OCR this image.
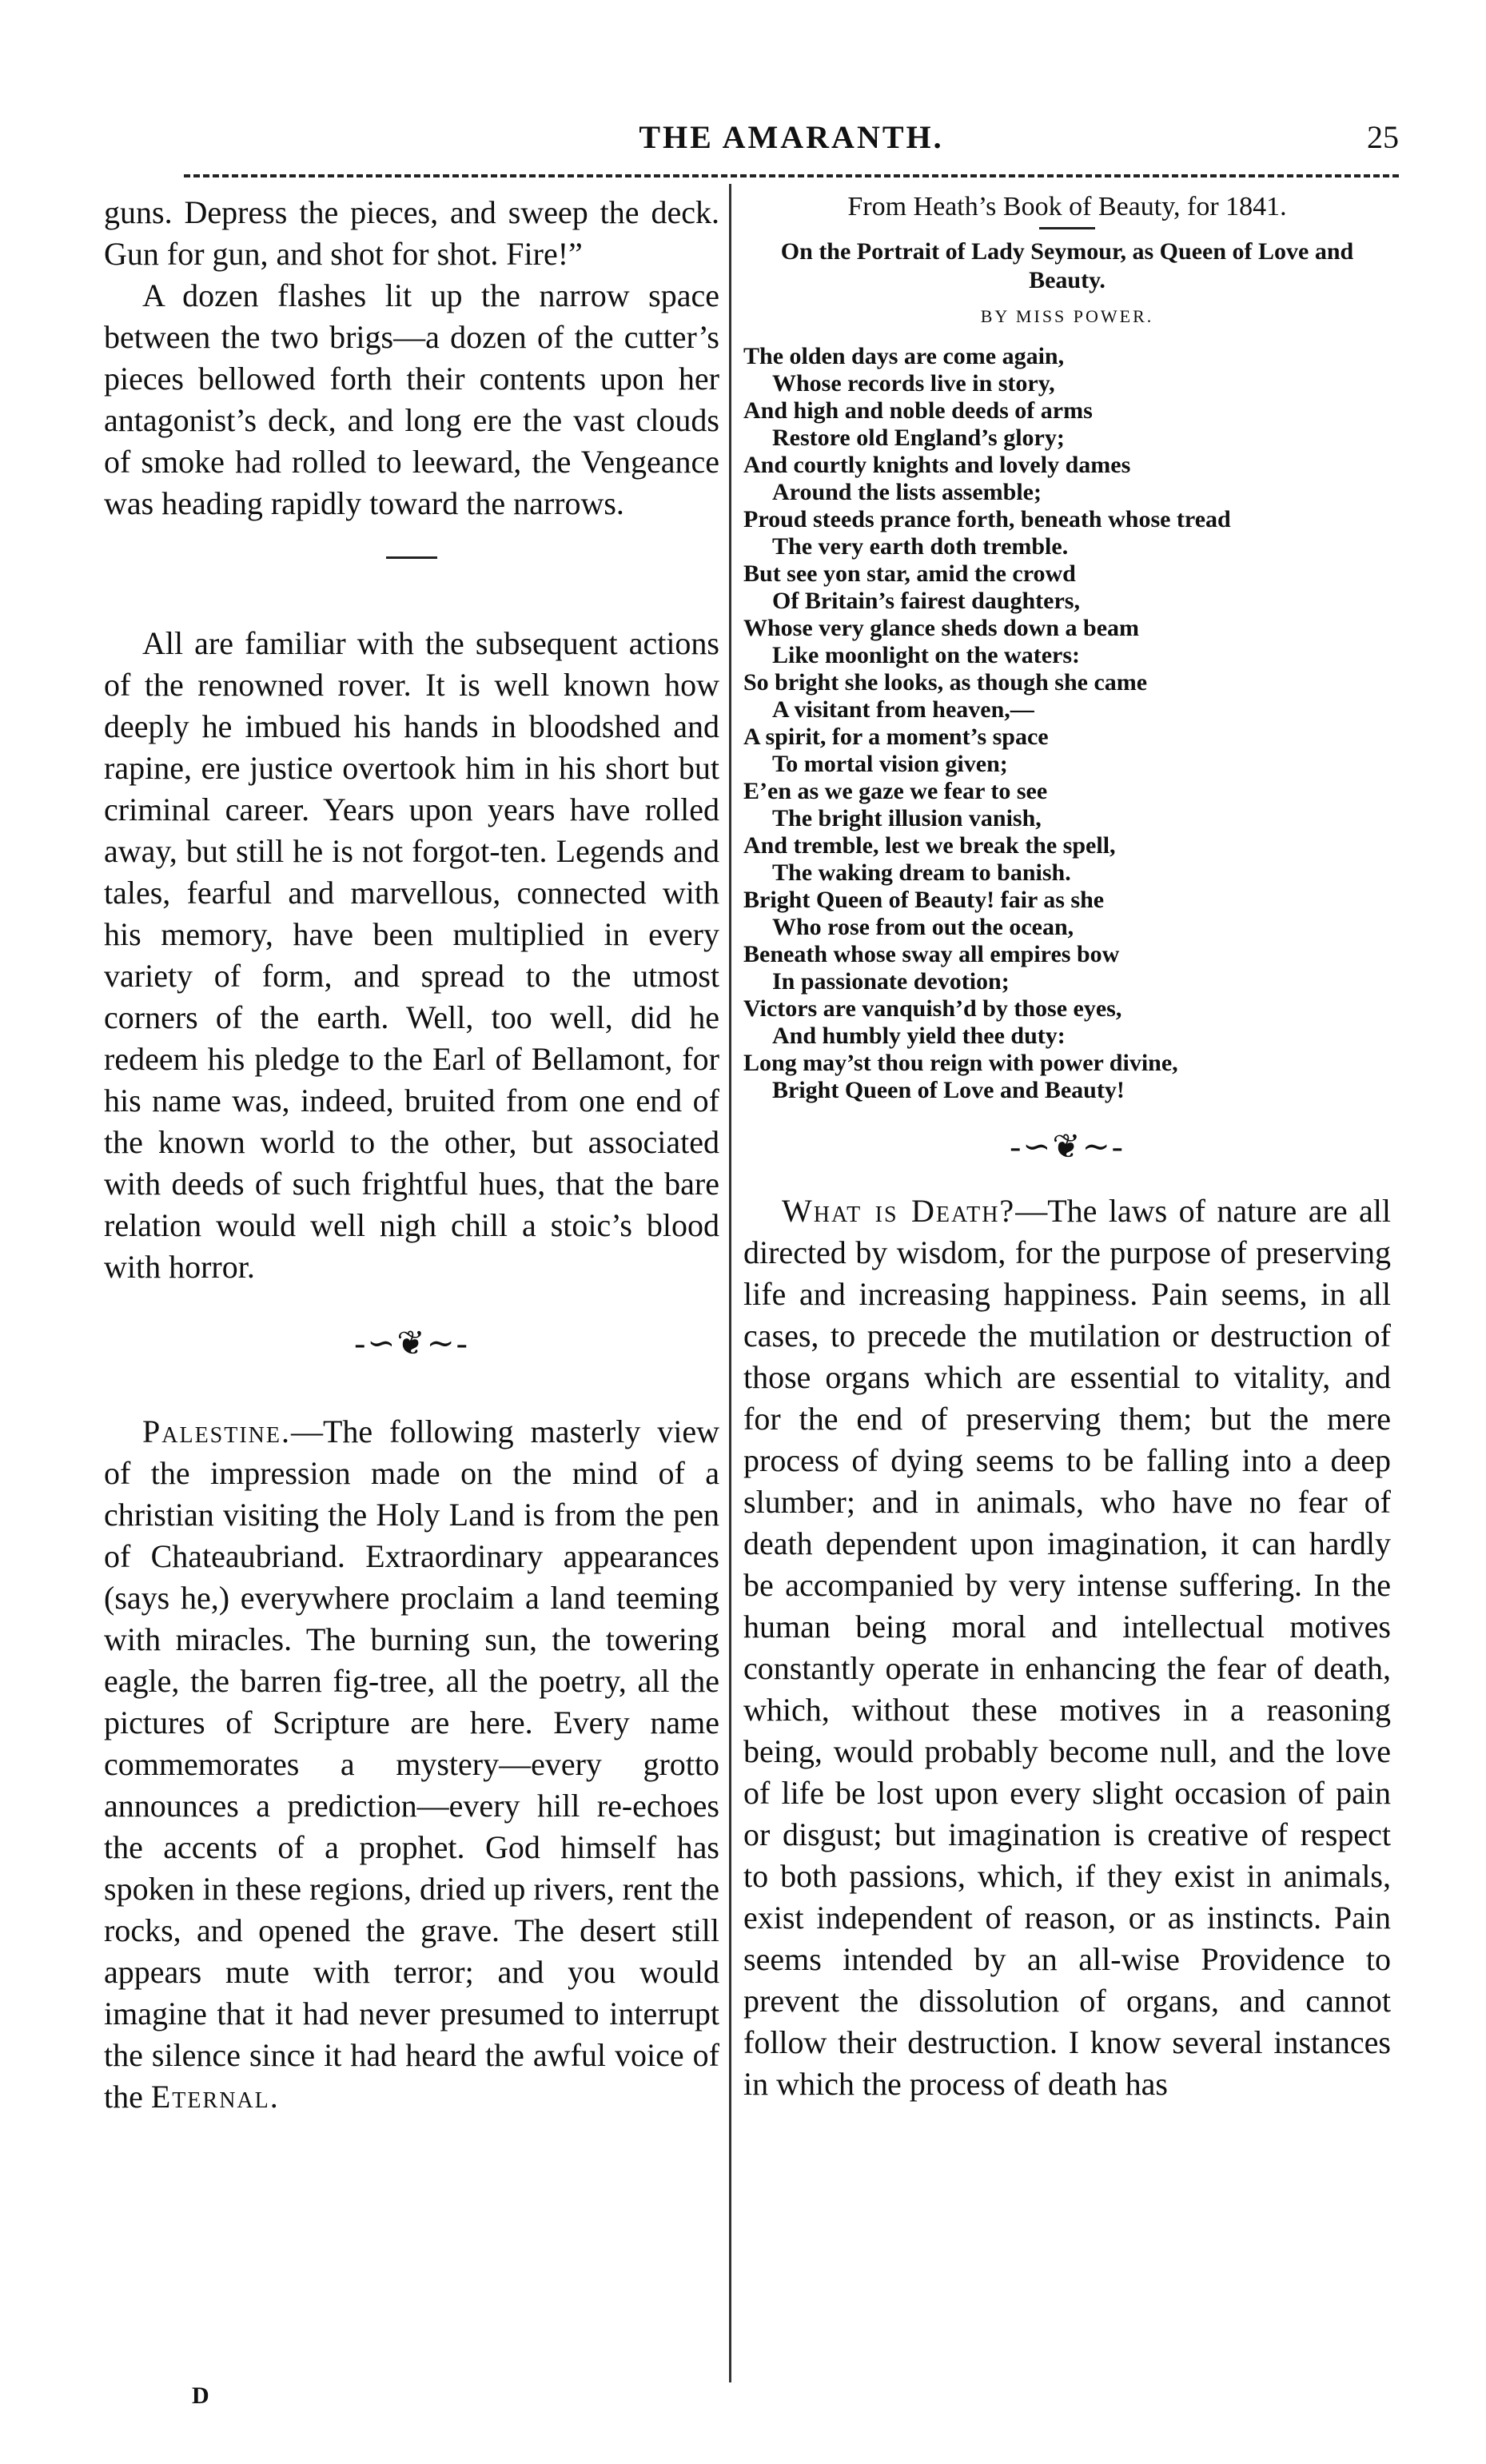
THE AMARANTH.	25

guns. Depress the pieces, and sweep the deck. Gun for gun, and shot for shot. Fire!”

A dozen flashes lit up the narrow space between the two brigs—a dozen of the cutter’s pieces bellowed forth their contents upon her antagonist’s deck, and long ere the vast clouds of smoke had rolled to leeward, the Vengeance was heading rapidly toward the narrows.

All are familiar with the subsequent actions of the renowned rover. It is well known how deeply he imbued his hands in bloodshed and rapine, ere justice overtook him in his short but criminal career. Years upon years have rolled away, but still he is not forgot-ten. Legends and tales, fearful and marvellous, connected with his memory, have been multiplied in every variety of form, and spread to the utmost corners of the earth. Well, too well, did he redeem his pledge to the Earl of Bellamont, for his name was, indeed, bruited from one end of the known world to the other, but associated with deeds of such frightful hues, that the bare relation would well nigh chill a stoic’s blood with horror.

-∽❦∼-

Palestine.—The following masterly view of the impression made on the mind of a christian visiting the Holy Land is from the pen of Chateaubriand. Extraordinary appearances (says he,) everywhere proclaim a land teeming with miracles. The burning sun, the towering eagle, the barren fig-tree, all the poetry, all the pictures of Scripture are here. Every name commemorates a mystery—every grotto announces a prediction—every hill re-echoes the accents of a prophet. God himself has spoken in these regions, dried up rivers, rent the rocks, and opened the grave. The desert still appears mute with terror; and you would imagine that it had never presumed to interrupt the silence since it had heard the awful voice of the Eternal.

From Heath’s Book of Beauty, for 1841.

On the Portrait of Lady Seymour, as Queen of Love and Beauty.

BY MISS POWER.
The olden days are come again,
Whose records live in story,
And high and noble deeds of arms
Restore old England’s glory;
And courtly knights and lovely dames
Around the lists assemble;
Proud steeds prance forth, beneath whose tread
The very earth doth tremble.
But see yon star, amid the crowd
Of Britain’s fairest daughters,
Whose very glance sheds down a beam
Like moonlight on the waters:
So bright she looks, as though she came
A visitant from heaven,—
A spirit, for a moment’s space
To mortal vision given;
E’en as we gaze we fear to see
The bright illusion vanish,
And tremble, lest we break the spell,
The waking dream to banish.
Bright Queen of Beauty! fair as she
Who rose from out the ocean,
Beneath whose sway all empires bow
In passionate devotion;
Victors are vanquish’d by those eyes,
And humbly yield thee duty:
Long may’st thou reign with power divine,
Bright Queen of Love and Beauty!
-∽❦∼-

What is Death?—The laws of nature are all directed by wisdom, for the purpose of preserving life and increasing happiness. Pain seems, in all cases, to precede the mutilation or destruction of those organs which are essential to vitality, and for the end of preserving them; but the mere process of dying seems to be falling into a deep slumber; and in animals, who have no fear of death dependent upon imagination, it can hardly be accompanied by very intense suffering. In the human being moral and intellectual motives constantly operate in enhancing the fear of death, which, without these motives in a reasoning being, would probably become null, and the love of life be lost upon every slight occasion of pain or disgust; but imagination is creative of respect to both passions, which, if they exist in animals, exist independent of reason, or as instincts. Pain seems intended by an all-wise Providence to prevent the dissolution of organs, and cannot follow their destruction. I know several instances in which the process of death has

D
